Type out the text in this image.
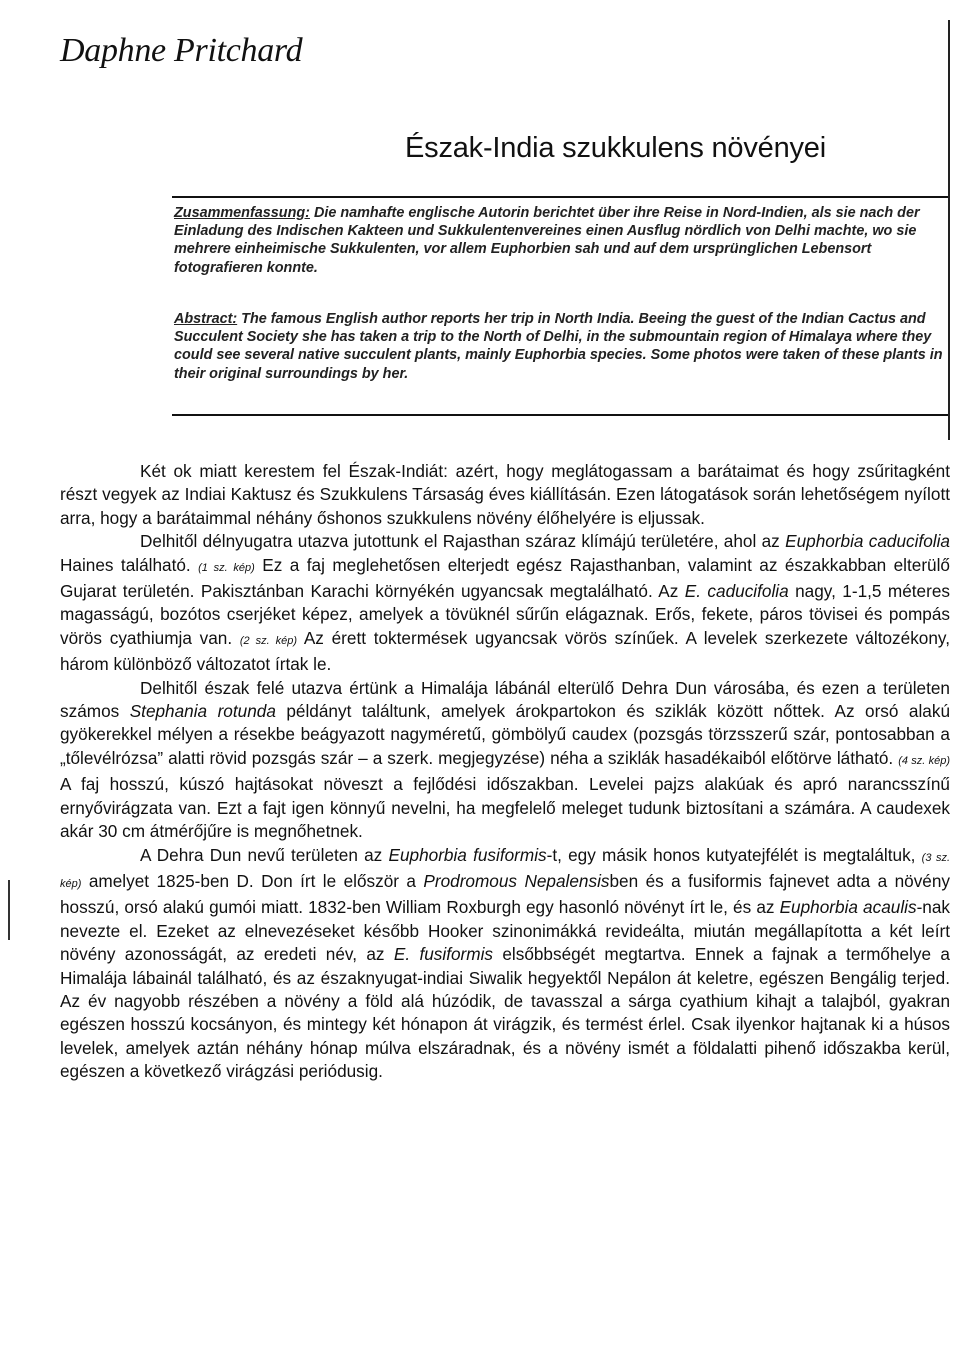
Daphne Pritchard
Észak-India szukkulens növényei
Zusammenfassung: Die namhafte englische Autorin berichtet über ihre Reise in Nord-Indien, als sie nach der Einladung des Indischen Kakteen und Sukkulentenvereines einen Ausflug nördlich von Delhi machte, wo sie mehrere einheimische Sukkulenten, vor allem Euphorbien sah und auf dem ursprünglichen Lebensort fotografieren konnte.
Abstract: The famous English author reports her trip in North India. Beeing the guest of the Indian Cactus and Succulent Society she has taken a trip to the North of Delhi, in the submountain region of Himalaya where they could see several native succulent plants, mainly Euphorbia species. Some photos were taken of these plants in their original surroundings by her.

Két ok miatt kerestem fel Észak-Indiát: azért, hogy meglátogassam a barátaimat és hogy zsűritagként részt vegyek az Indiai Kaktusz és Szukkulens Társaság éves kiállításán. Ezen látogatások során lehetőségem nyílott arra, hogy a barátaimmal néhány őshonos szukkulens növény élőhelyére is eljussak.

Delhitől délnyugatra utazva jutottunk el Rajasthan száraz klímájú területére, ahol az Euphorbia caducifolia Haines található. (1 sz. kép) Ez a faj meglehetősen elterjedt egész Rajasthanban, valamint az északkabban elterülő Gujarat területén. Pakisztánban Karachi környékén ugyancsak megtalálható. Az E. caducifolia nagy, 1-1,5 méteres magasságú, bozótos cserjéket képez, amelyek a tövüknél sűrűn elágaznak. Erős, fekete, páros tövisei és pompás vörös cyathiumja van. (2 sz. kép) Az érett toktermések ugyancsak vörös színűek. A levelek szerkezete változékony, három különböző változatot írtak le.

Delhitől észak felé utazva értünk a Himalája lábánál elterülő Dehra Dun városába, és ezen a területen számos Stephania rotunda példányt találtunk, amelyek árokpartokon és sziklák között nőttek. Az orsó alakú gyökerekkel mélyen a résekbe beágyazott nagyméretű, gömbölyű caudex (pozsgás törzsszerű szár, pontosabban a „tőlevélrózsa” alatti rövid pozsgás szár – a szerk. megjegyzése) néha a sziklák hasadékaiból előtörve látható. (4 sz. kép) A faj hosszú, kúszó hajtásokat növeszt a fejlődési időszakban. Levelei pajzs alakúak és apró narancsszínű ernyővirágzata van. Ezt a fajt igen könnyű nevelni, ha megfelelő meleget tudunk biztosítani a számára. A caudexek akár 30 cm átmérőjűre is megnőhetnek.

A Dehra Dun nevű területen az Euphorbia fusiformis-t, egy másik honos kutyatejfélét is megtaláltuk, (3 sz. kép) amelyet 1825-ben D. Don írt le először a Prodromous Nepalensisben és a fusiformis fajnevet adta a növény hosszú, orsó alakú gumói miatt. 1832-ben William Roxburgh egy hasonló növényt írt le, és az Euphorbia acaulis-nak nevezte el. Ezeket az elnevezéseket később Hooker szinonimákká revideálta, miután megállapította a két leírt növény azonosságát, az eredeti név, az E. fusiformis elsőbbségét megtartva. Ennek a fajnak a termőhelye a Himalája lábainál található, és az északnyugat-indiai Siwalik hegyektől Nepálon át keletre, egészen Bengálig terjed. Az év nagyobb részében a növény a föld alá húzódik, de tavasszal a sárga cyathium kihajt a talajból, gyakran egészen hosszú kocsányon, és mintegy két hónapon át virágzik, és termést érlel. Csak ilyenkor hajtanak ki a húsos levelek, amelyek aztán néhány hónap múlva elszáradnak, és a növény ismét a földalatti pihenő időszakba kerül, egészen a következő virágzási periódusig.
